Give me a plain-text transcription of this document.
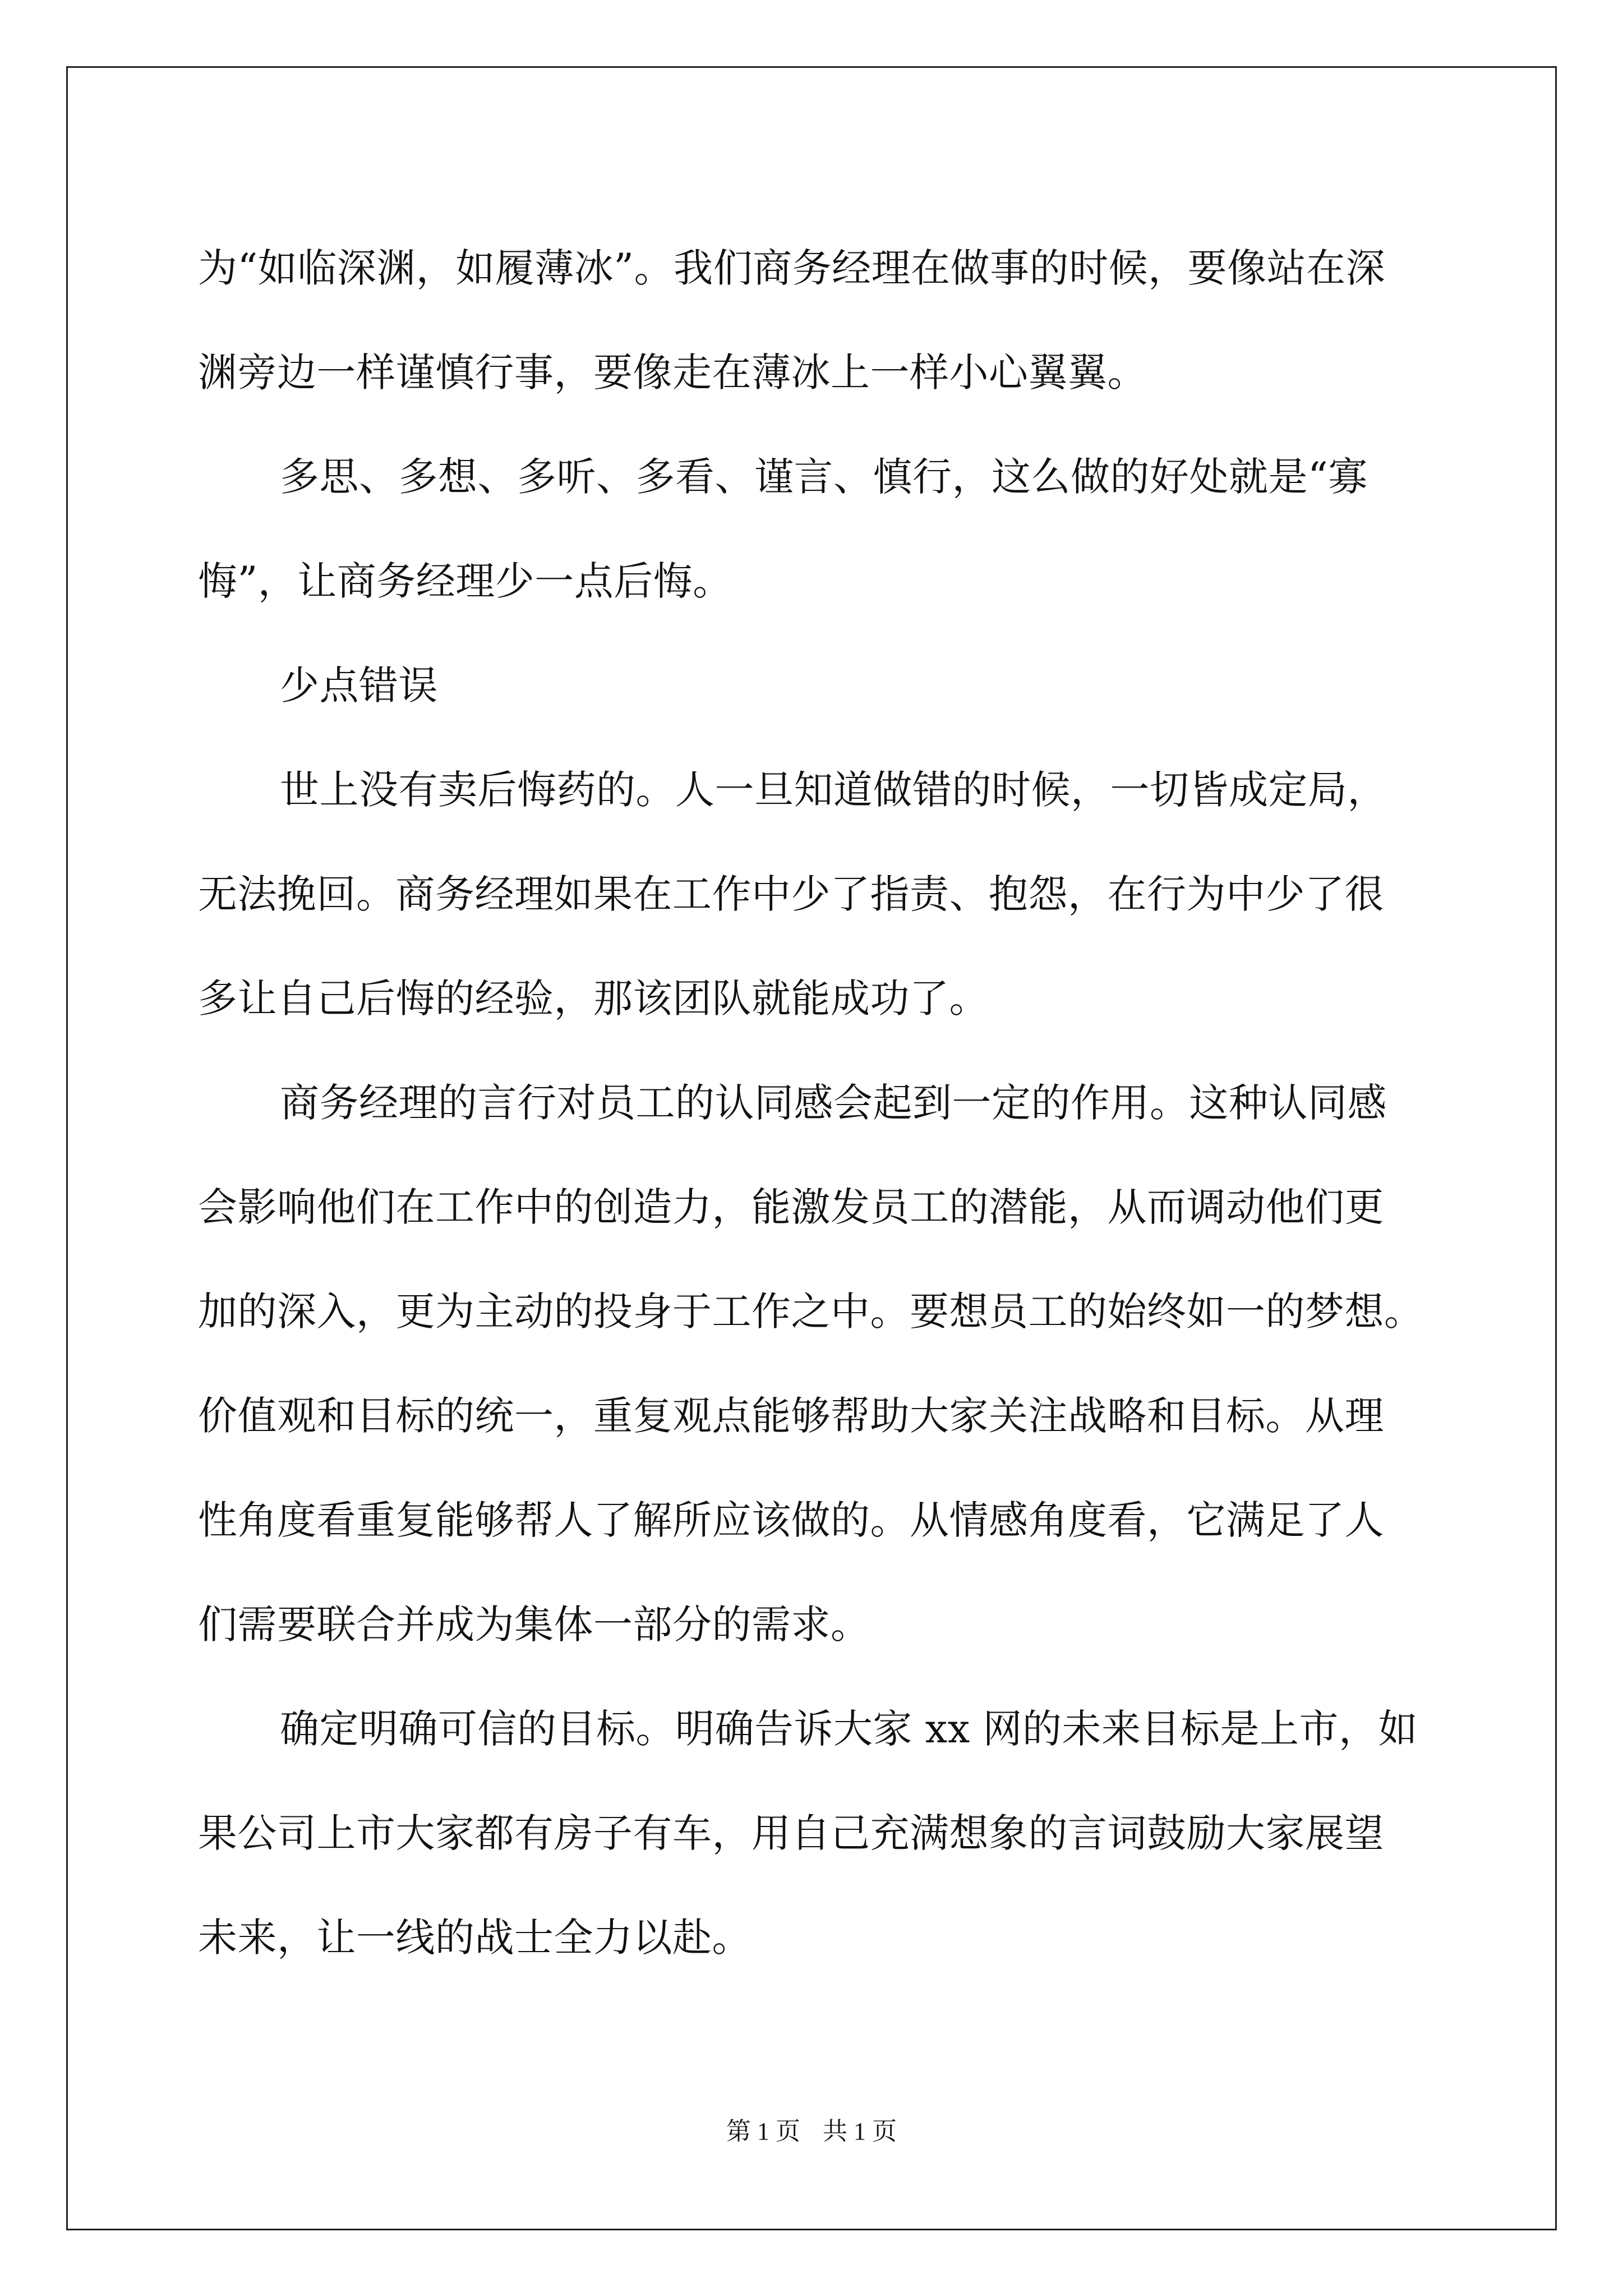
为“如临深渊，如履薄冰”。我们商务经理在做事的时候，要像站在深
渊旁边一样谨慎行事，要像走在薄冰上一样小心翼翼。
多思、多想、多听、多看、谨言、慎行，这么做的好处就是“寡
悔”，让商务经理少一点后悔。
少点错误
世上没有卖后悔药的。人一旦知道做错的时候，一切皆成定局，
无法挽回。商务经理如果在工作中少了指责、抱怨，在行为中少了很
多让自己后悔的经验，那该团队就能成功了。
商务经理的言行对员工的认同感会起到一定的作用。这种认同感
会影响他们在工作中的创造力，能激发员工的潜能，从而调动他们更
加的深入，更为主动的投身于工作之中。要想员工的始终如一的梦想。
价值观和目标的统一，重复观点能够帮助大家关注战略和目标。从理
性角度看重复能够帮人了解所应该做的。从情感角度看，它满足了人
们需要联合并成为集体一部分的需求。
确定明确可信的目标。明确告诉大家 xx 网的未来目标是上市，如
果公司上市大家都有房子有车，用自己充满想象的言词鼓励大家展望
未来，让一线的战士全力以赴。
第 1 页 共 1 页
